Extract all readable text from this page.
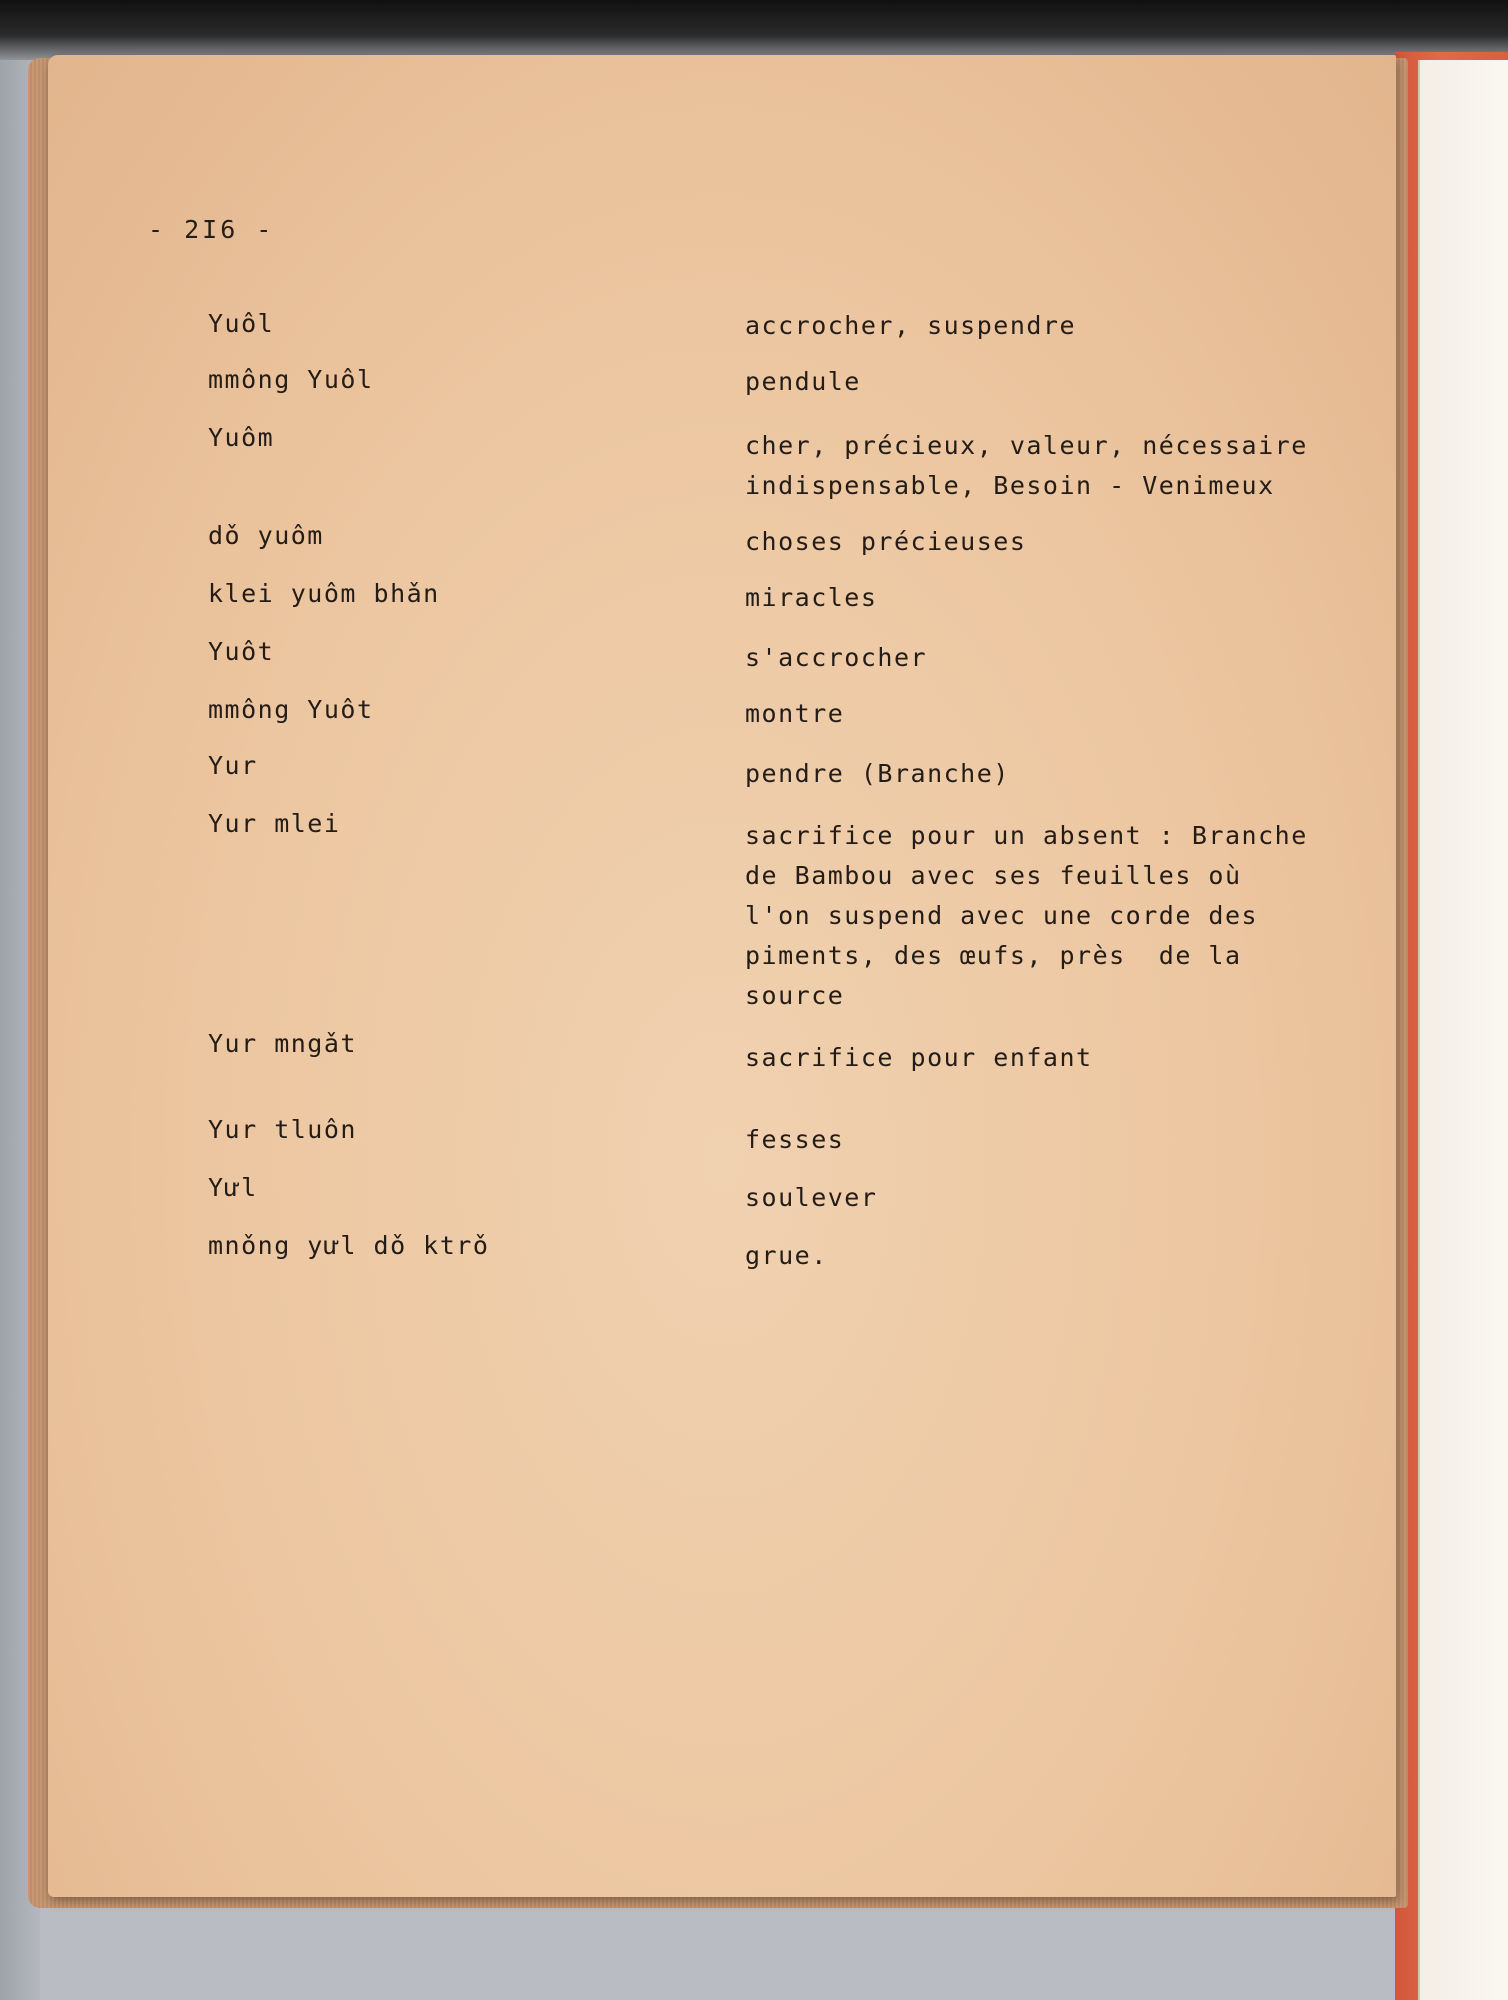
- 2I6 -
Yuôl	accrocher, suspendre
mmông Yuôl	pendule
Yuôm	cher, précieux, valeur, nécessaire
indispensable, Besoin - Venimeux
dǒ yuôm	choses précieuses
klei yuôm bhǎn	miracles
Yuôt	s'accrocher
mmông Yuôt	montre
Yur	pendre (Branche)
Yur mlei	sacrifice pour un absent : Branche
de Bambou avec ses feuilles où
l'on suspend avec une corde des
piments, des œufs, près  de la
source
Yur mngǎt	sacrifice pour enfant
Yur tluôn	fesses
Yưl	soulever
mnǒng yưl dǒ ktrǒ	grue.
